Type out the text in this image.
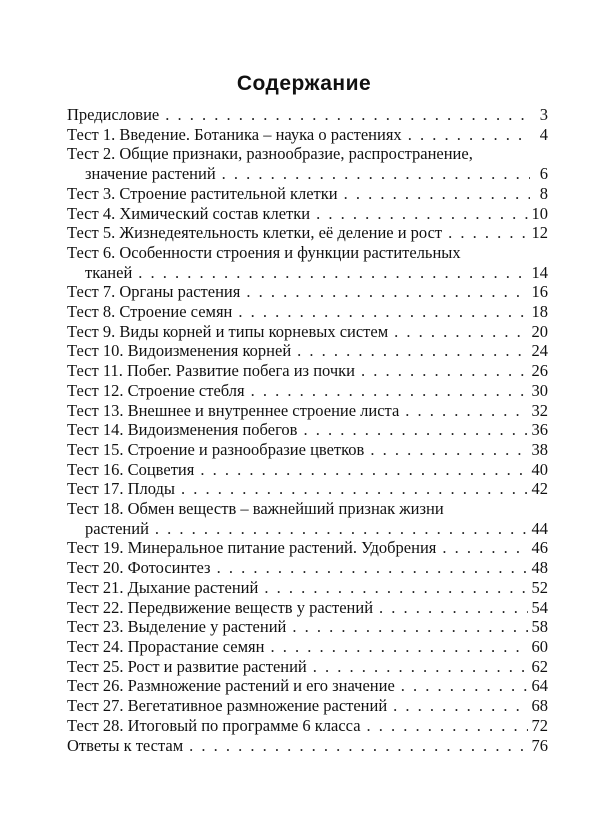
Содержание
Предисловие . . .	3
Тест 1. Введение. Ботаника – наука о растениях . . .	4
Тест 2. Общие признаки, разнообразие, распространение,
значение растений . . .	6
Тест 3. Строение растительной клетки . . .	8
Тест 4. Химический состав клетки . . .	10
Тест 5. Жизнедеятельность клетки, её деление и рост . . .	12
Тест 6. Особенности строения и функции растительных
тканей . . .	14
Тест 7. Органы растения . . .	16
Тест 8. Строение семян . . .	18
Тест 9. Виды корней и типы корневых систем . . .	20
Тест 10. Видоизменения корней . . .	24
Тест 11. Побег. Развитие побега из почки . . .	26
Тест 12. Строение стебля . . .	30
Тест 13. Внешнее и внутреннее строение листа . . .	32
Тест 14. Видоизменения побегов . . .	36
Тест 15. Строение и разнообразие цветков . . .	38
Тест 16. Соцветия . . .	40
Тест 17. Плоды . . .	42
Тест 18. Обмен веществ – важнейший признак жизни
растений . . .	44
Тест 19. Минеральное питание растений. Удобрения . . .	46
Тест 20. Фотосинтез . . .	48
Тест 21. Дыхание растений . . .	52
Тест 22. Передвижение веществ у растений . . .	54
Тест 23. Выделение у растений . . .	58
Тест 24. Прорастание семян . . .	60
Тест 25. Рост и развитие растений . . .	62
Тест 26. Размножение растений и его значение . . .	64
Тест 27. Вегетативное размножение растений . . .	68
Тест 28. Итоговый по программе 6 класса . . .	72
Ответы к тестам . . .	76
